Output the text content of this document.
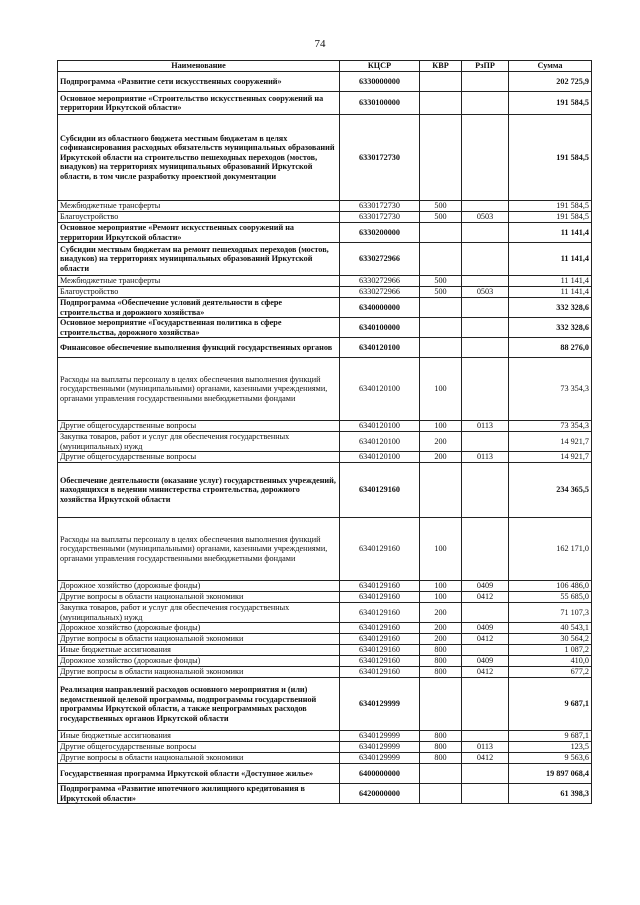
74
Наименование	КЦСР	КВР	РзПР	Сумма
Подпрограмма «Развитие сети искусственных сооружений»	6330000000			202 725,9
Основное мероприятие «Строительство искусственных сооружений на территории Иркутской области»	6330100000			191 584,5
Субсидии из областного бюджета местным бюджетам в целях софинансирования расходных обязательств муниципальных образований Иркутской области на строительство пешеходных переходов (мостов, виадуков) на территориях муниципальных образований Иркутской области, в том числе разработку проектной документации	6330172730			191 584,5
Межбюджетные трансферты	6330172730	500		191 584,5
Благоустройство	6330172730	500	0503	191 584,5
Основное мероприятие «Ремонт искусственных сооружений на территории Иркутской области»	6330200000			11 141,4
Субсидии местным бюджетам на ремонт пешеходных переходов (мостов, виадуков) на территориях муниципальных образований Иркутской области	6330272966			11 141,4
Межбюджетные трансферты	6330272966	500		11 141,4
Благоустройство	6330272966	500	0503	11 141,4
Подпрограмма «Обеспечение условий деятельности в сфере строительства и дорожного хозяйства»	6340000000			332 328,6
Основное мероприятие «Государственная политика в сфере строительства, дорожного хозяйства»	6340100000			332 328,6
Финансовое обеспечение выполнения функций государственных органов	6340120100			88 276,0
Расходы на выплаты персоналу в целях обеспечения выполнения функций государственными (муниципальными) органами, казенными учреждениями, органами управления государственными внебюджетными фондами	6340120100	100		73 354,3
Другие общегосударственные вопросы	6340120100	100	0113	73 354,3
Закупка товаров, работ и услуг для обеспечения государственных (муниципальных) нужд	6340120100	200		14 921,7
Другие общегосударственные вопросы	6340120100	200	0113	14 921,7
Обеспечение деятельности (оказание услуг) государственных учреждений, находящихся в ведении министерства строительства, дорожного хозяйства Иркутской области	6340129160			234 365,5
Расходы на выплаты персоналу в целях обеспечения выполнения функций государственными (муниципальными) органами, казенными учреждениями, органами управления государственными внебюджетными фондами	6340129160	100		162 171,0
Дорожное хозяйство (дорожные фонды)	6340129160	100	0409	106 486,0
Другие вопросы в области национальной экономики	6340129160	100	0412	55 685,0
Закупка товаров, работ и услуг для обеспечения государственных (муниципальных) нужд	6340129160	200		71 107,3
Дорожное хозяйство (дорожные фонды)	6340129160	200	0409	40 543,1
Другие вопросы в области национальной экономики	6340129160	200	0412	30 564,2
Иные бюджетные ассигнования	6340129160	800		1 087,2
Дорожное хозяйство (дорожные фонды)	6340129160	800	0409	410,0
Другие вопросы в области национальной экономики	6340129160	800	0412	677,2
Реализация направлений расходов основного мероприятия и (или) ведомственной целевой программы, подпрограммы государственной программы Иркутской области, а также непрограммных расходов государственных органов Иркутской области	6340129999			9 687,1
Иные бюджетные ассигнования	6340129999	800		9 687,1
Другие общегосударственные вопросы	6340129999	800	0113	123,5
Другие вопросы в области национальной экономики	6340129999	800	0412	9 563,6
Государственная программа Иркутской области «Доступное жилье»	6400000000			19 897 068,4
Подпрограмма «Развитие ипотечного жилищного кредитования в Иркутской области»	6420000000			61 398,3
